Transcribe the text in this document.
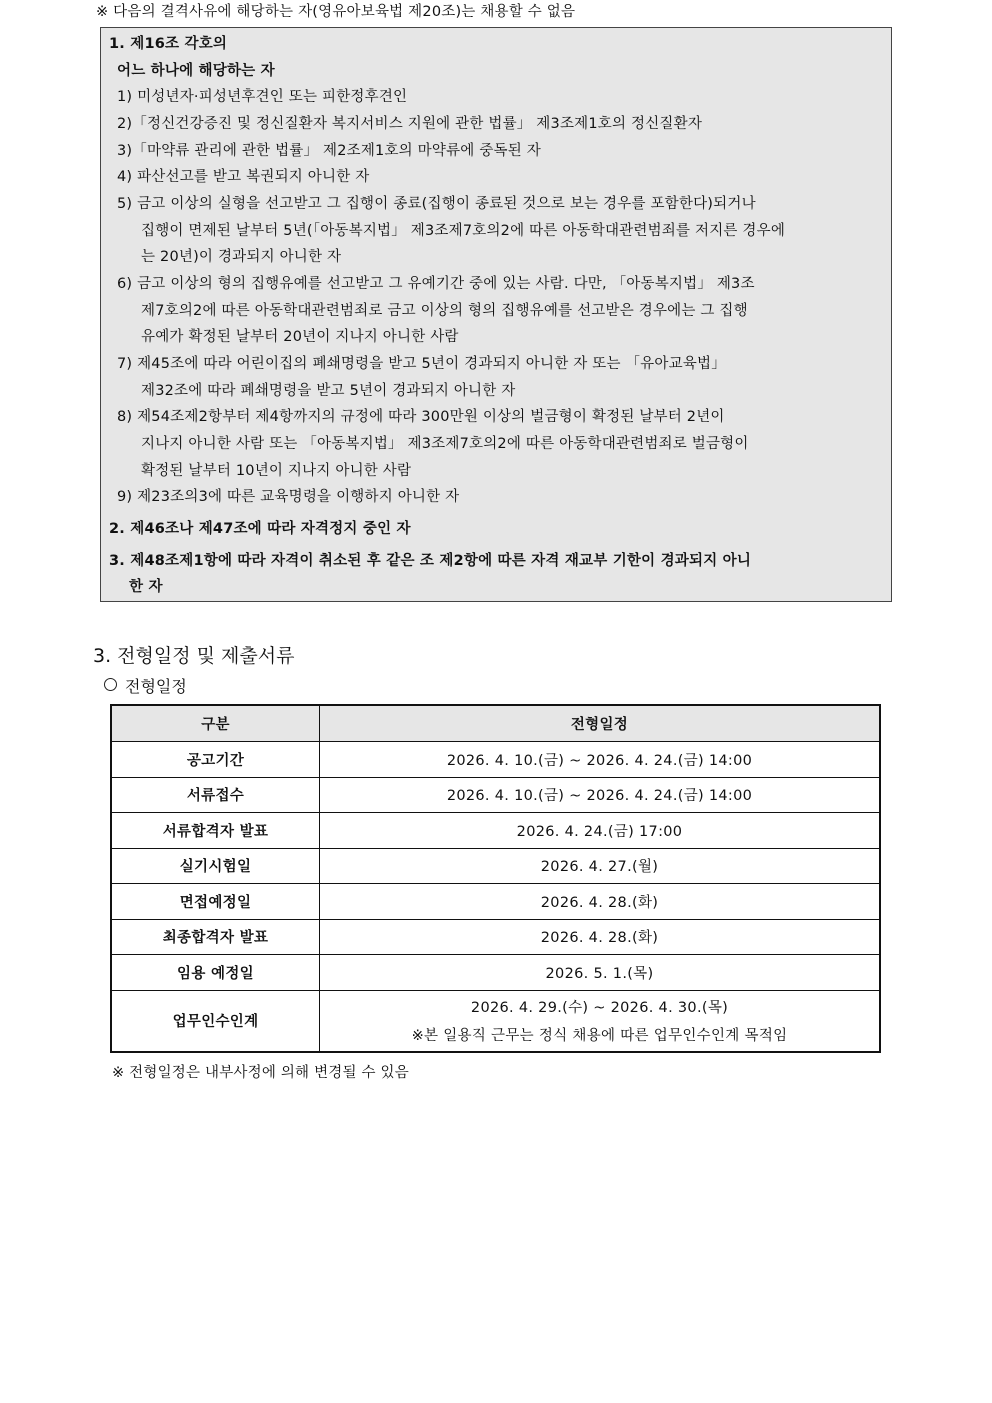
※ 다음의 결격사유에 해당하는 자(영유아보육법 제20조)는 채용할 수 없음
1. 제16조 각호의
어느 하나에 해당하는 자
1) 미성년자·피성년후견인 또는 피한정후견인
2)「정신건강증진 및 정신질환자 복지서비스 지원에 관한 법률」 제3조제1호의 정신질환자
3)「마약류 관리에 관한 법률」 제2조제1호의 마약류에 중독된 자
4) 파산선고를 받고 복권되지 아니한 자
5) 금고 이상의 실형을 선고받고 그 집행이 종료(집행이 종료된 것으로 보는 경우를 포함한다)되거나
집행이 면제된 날부터 5년(「아동복지법」 제3조제7호의2에 따른 아동학대관련범죄를 저지른 경우에
는 20년)이 경과되지 아니한 자
6) 금고 이상의 형의 집행유예를 선고받고 그 유예기간 중에 있는 사람. 다만, 「아동복지법」 제3조
제7호의2에 따른 아동학대관련범죄로 금고 이상의 형의 집행유예를 선고받은 경우에는 그 집행
유예가 확정된 날부터 20년이 지나지 아니한 사람
7) 제45조에 따라 어린이집의 폐쇄명령을 받고 5년이 경과되지 아니한 자 또는 「유아교육법」
제32조에 따라 폐쇄명령을 받고 5년이 경과되지 아니한 자
8) 제54조제2항부터 제4항까지의 규정에 따라 300만원 이상의 벌금형이 확정된 날부터 2년이
지나지 아니한 사람 또는 「아동복지법」 제3조제7호의2에 따른 아동학대관련범죄로 벌금형이
확정된 날부터 10년이 지나지 아니한 사람
9) 제23조의3에 따른 교육명령을 이행하지 아니한 자
2. 제46조나 제47조에 따라 자격정지 중인 자
3. 제48조제1항에 따라 자격이 취소된 후 같은 조 제2항에 따른 자격 재교부 기한이 경과되지 아니
한 자
3. 전형일정 및 제출서류
전형일정
구분	전형일정
공고기간	2026. 4. 10.(금) ~ 2026. 4. 24.(금) 14:00
서류접수	2026. 4. 10.(금) ~ 2026. 4. 24.(금) 14:00
서류합격자 발표	2026. 4. 24.(금) 17:00
실기시험일	2026. 4. 27.(월)
면접예정일	2026. 4. 28.(화)
최종합격자 발표	2026. 4. 28.(화)
임용 예정일	2026. 5. 1.(목)
업무인수인계	2026. 4. 29.(수) ~ 2026. 4. 30.(목)
※본 일용직 근무는 정식 채용에 따른 업무인수인계 목적임
※ 전형일정은 내부사정에 의해 변경될 수 있음
